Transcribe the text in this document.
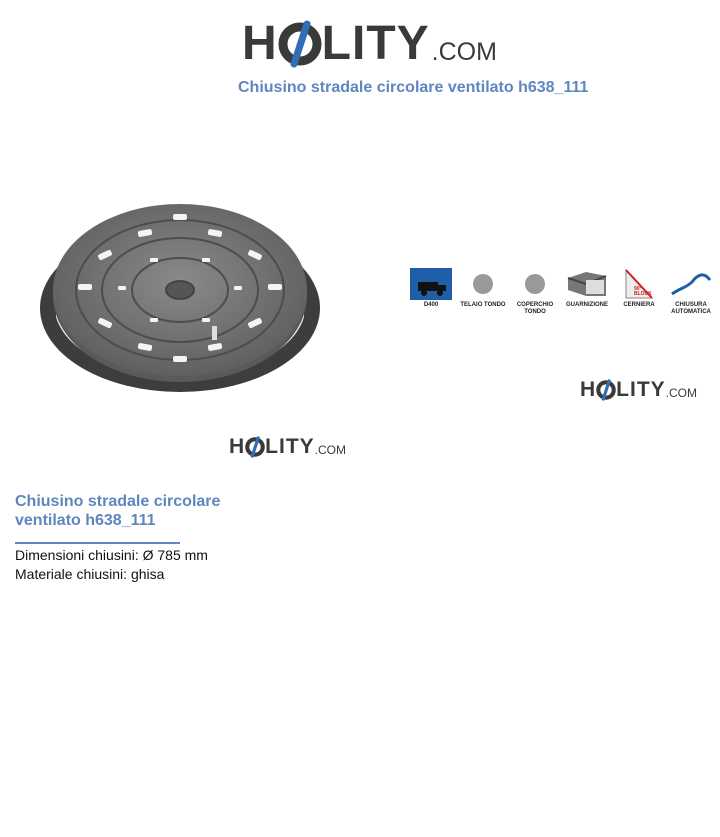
H LITY .COM
Chiusino stradale circolare ventilato h638_111
D400	TELAIO TONDO	COPERCHIO TONDO
GUARNIZIONE
90°
BLOCK
CERNIERA	CHIUSURA AUTOMATICA
H LITY .COM
H LITY .COM
Chiusino stradale circolare ventilato h638_111
Dimensioni chiusini: Ø 785 mm
Materiale chiusini: ghisa
